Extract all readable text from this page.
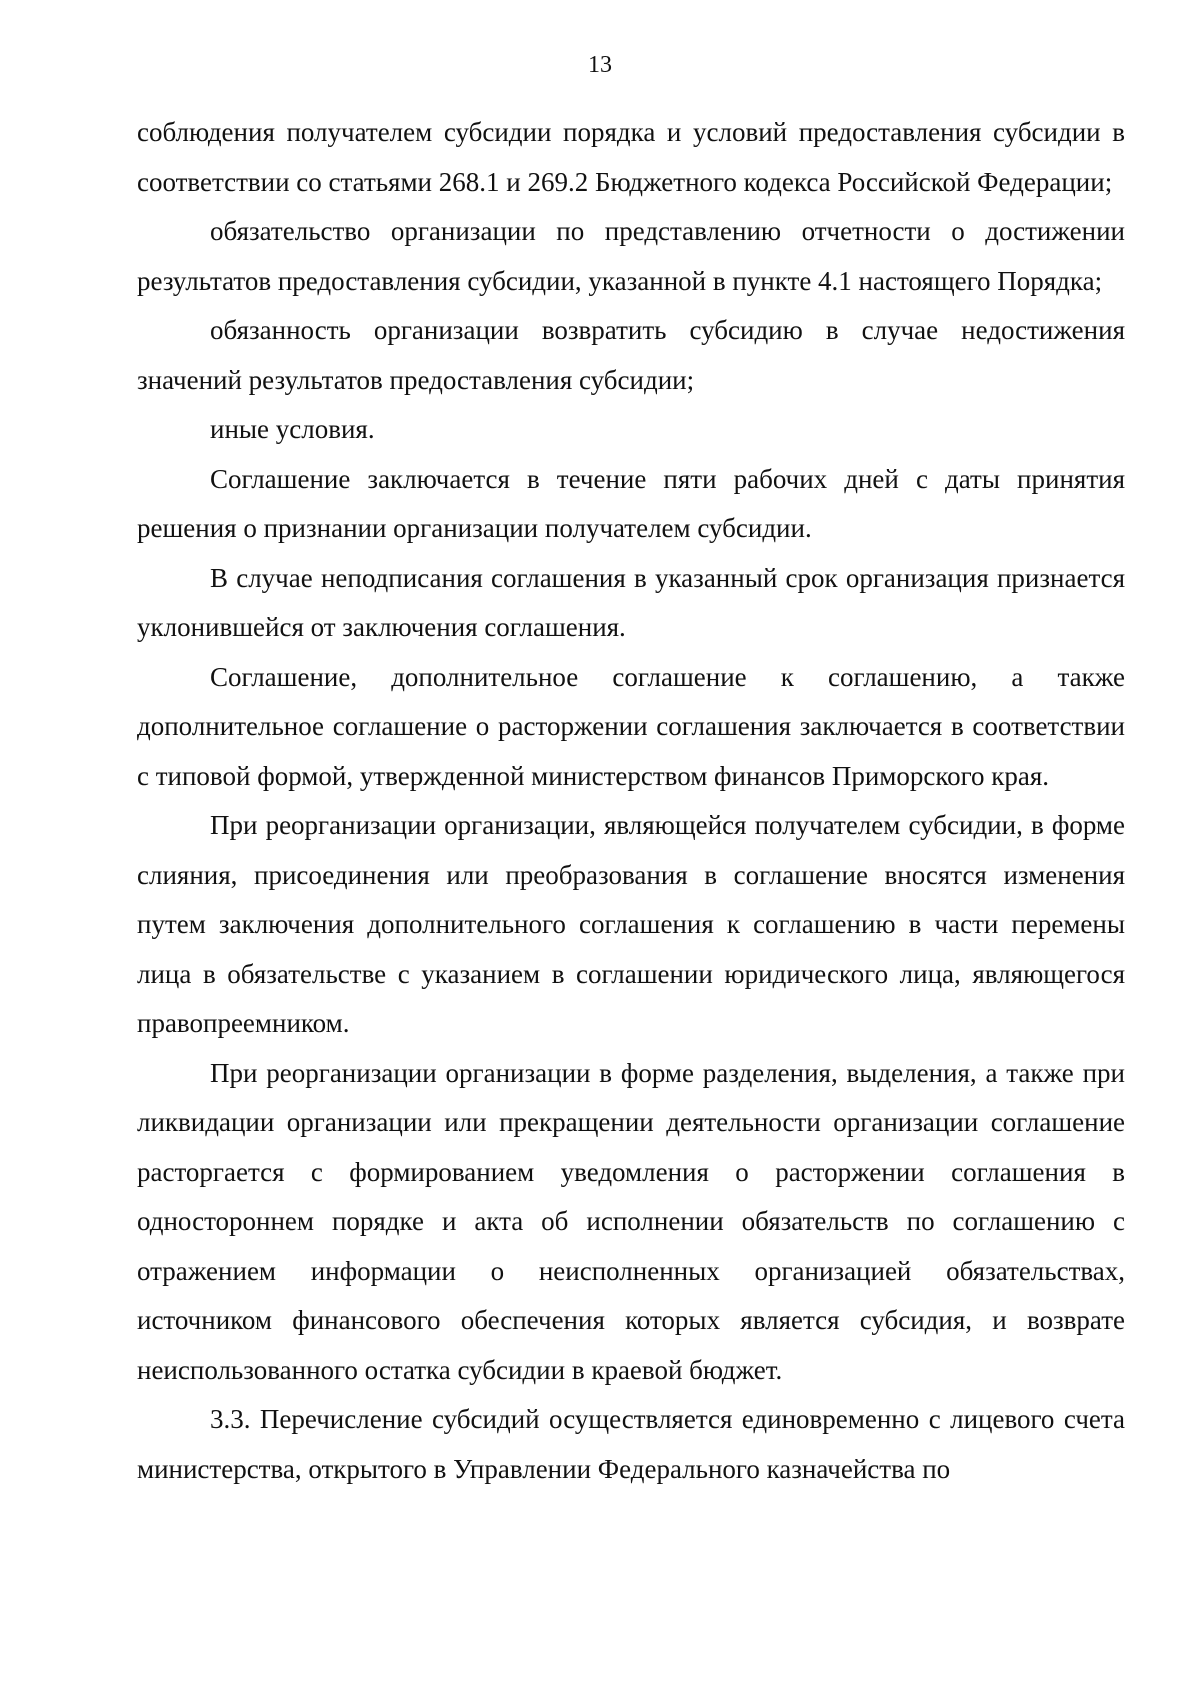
13

соблюдения получателем субсидии порядка и условий предоставления субсидии в соответствии со статьями 268.1 и 269.2 Бюджетного кодекса Российской Федерации;

обязательство организации по представлению отчетности о достижении результатов предоставления субсидии, указанной в пункте 4.1 настоящего Порядка;

обязанность организации возвратить субсидию в случае недостижения значений результатов предоставления субсидии;

иные условия.

Соглашение заключается в течение пяти рабочих дней с даты принятия решения о признании организации получателем субсидии.

В случае неподписания соглашения в указанный срок организация признается уклонившейся от заключения соглашения.

Соглашение, дополнительное соглашение к соглашению, а также дополнительное соглашение о расторжении соглашения заключается в соответствии с типовой формой, утвержденной министерством финансов Приморского края.

При реорганизации организации, являющейся получателем субсидии, в форме слияния, присоединения или преобразования в соглашение вносятся изменения путем заключения дополнительного соглашения к соглашению в части перемены лица в обязательстве с указанием в соглашении юридического лица, являющегося правопреемником.

При реорганизации организации в форме разделения, выделения, а также при ликвидации организации или прекращении деятельности организации соглашение расторгается с формированием уведомления о расторжении соглашения в одностороннем порядке и акта об исполнении обязательств по соглашению с отражением информации о неисполненных организацией обязательствах, источником финансового обеспечения которых является субсидия, и возврате неиспользованного остатка субсидии в краевой бюджет.

3.3. Перечисление субсидий осуществляется единовременно с лицевого счета министерства, открытого в Управлении Федерального казначейства по
